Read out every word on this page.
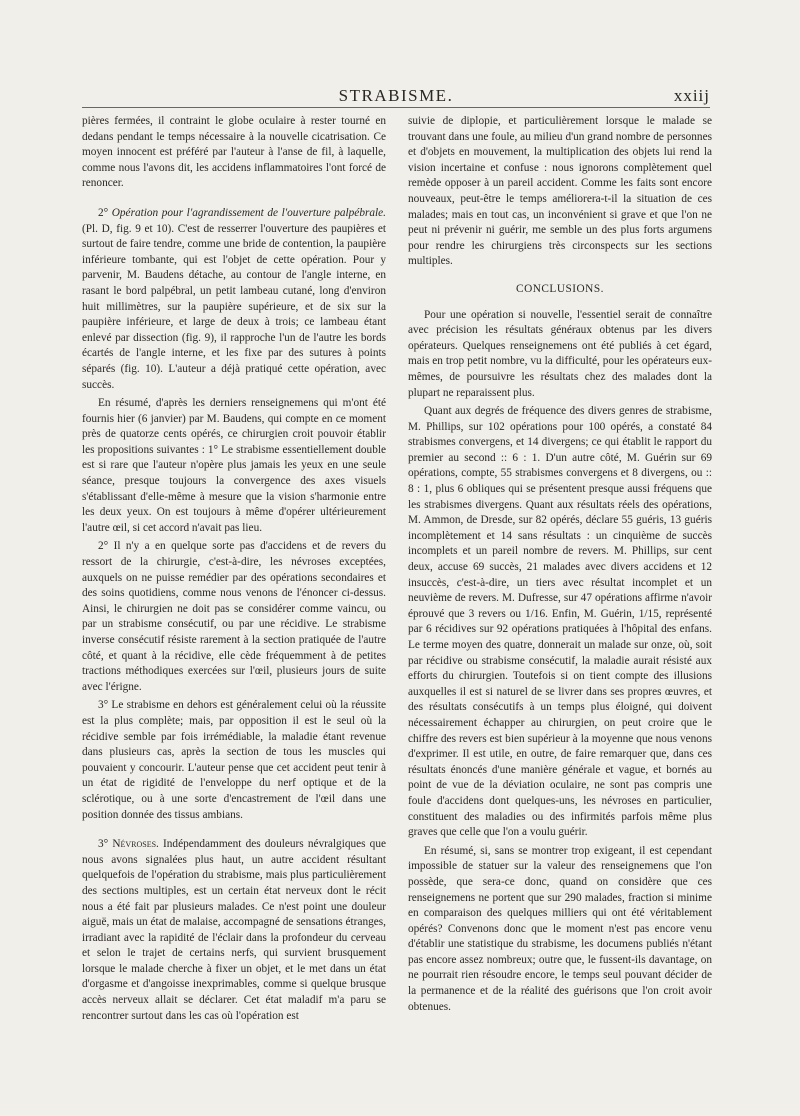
STRABISME.	xxiij

pières fermées, il contraint le globe oculaire à rester tourné en dedans pendant le temps nécessaire à la nouvelle cicatrisation. Ce moyen innocent est préféré par l'auteur à l'anse de fil, à laquelle, comme nous l'avons dit, les accidens inflammatoires l'ont forcé de renoncer.

2° Opération pour l'agrandissement de l'ouverture palpébrale. (Pl. D, fig. 9 et 10). C'est de resserrer l'ouverture des paupières et surtout de faire tendre, comme une bride de contention, la paupière inférieure tombante, qui est l'objet de cette opération. Pour y parvenir, M. Baudens détache, au contour de l'angle interne, en rasant le bord palpébral, un petit lambeau cutané, long d'environ huit millimètres, sur la paupière supérieure, et de six sur la paupière inférieure, et large de deux à trois; ce lambeau étant enlevé par dissection (fig. 9), il rapproche l'un de l'autre les bords écartés de l'angle interne, et les fixe par des sutures à points séparés (fig. 10). L'auteur a déjà pratiqué cette opération, avec succès.

En résumé, d'après les derniers renseignemens qui m'ont été fournis hier (6 janvier) par M. Baudens, qui compte en ce moment près de quatorze cents opérés, ce chirurgien croit pouvoir établir les propositions suivantes : 1° Le strabisme essentiellement double est si rare que l'auteur n'opère plus jamais les yeux en une seule séance, presque toujours la convergence des axes visuels s'établissant d'elle-même à mesure que la vision s'harmonie entre les deux yeux. On est toujours à même d'opérer ultérieurement l'autre œil, si cet accord n'avait pas lieu.

2° Il n'y a en quelque sorte pas d'accidens et de revers du ressort de la chirurgie, c'est-à-dire, les névroses exceptées, auxquels on ne puisse remédier par des opérations secondaires et des soins quotidiens, comme nous venons de l'énoncer ci-dessus. Ainsi, le chirurgien ne doit pas se considérer comme vaincu, ou par un strabisme consécutif, ou par une récidive. Le strabisme inverse consécutif résiste rarement à la section pratiquée de l'autre côté, et quant à la récidive, elle cède fréquemment à de petites tractions méthodiques exercées sur l'œil, plusieurs jours de suite avec l'érigne.

3° Le strabisme en dehors est généralement celui où la réussite est la plus complète; mais, par opposition il est le seul où la récidive semble par fois irrémédiable, la maladie étant revenue dans plusieurs cas, après la section de tous les muscles qui pouvaient y concourir. L'auteur pense que cet accident peut tenir à un état de rigidité de l'enveloppe du nerf optique et de la sclérotique, ou à une sorte d'encastrement de l'œil dans une position donnée des tissus ambians.

3° Névroses. Indépendamment des douleurs névralgiques que nous avons signalées plus haut, un autre accident résultant quelquefois de l'opération du strabisme, mais plus particulièrement des sections multiples, est un certain état nerveux dont le récit nous a été fait par plusieurs malades. Ce n'est point une douleur aiguë, mais un état de malaise, accompagné de sensations étranges, irradiant avec la rapidité de l'éclair dans la profondeur du cerveau et selon le trajet de certains nerfs, qui survient brusquement lorsque le malade cherche à fixer un objet, et le met dans un état d'orgasme et d'angoisse inexprimables, comme si quelque brusque accès nerveux allait se déclarer. Cet état maladif m'a paru se rencontrer surtout dans les cas où l'opération est

suivie de diplopie, et particulièrement lorsque le malade se trouvant dans une foule, au milieu d'un grand nombre de personnes et d'objets en mouvement, la multiplication des objets lui rend la vision incertaine et confuse : nous ignorons complètement quel remède opposer à un pareil accident. Comme les faits sont encore nouveaux, peut-être le temps améliorera-t-il la situation de ces malades; mais en tout cas, un inconvénient si grave et que l'on ne peut ni prévenir ni guérir, me semble un des plus forts argumens pour rendre les chirurgiens très circonspects sur les sections multiples.

CONCLUSIONS.

Pour une opération si nouvelle, l'essentiel serait de connaître avec précision les résultats généraux obtenus par les divers opérateurs. Quelques renseignemens ont été publiés à cet égard, mais en trop petit nombre, vu la difficulté, pour les opérateurs eux-mêmes, de poursuivre les résultats chez des malades dont la plupart ne reparaissent plus.

Quant aux degrés de fréquence des divers genres de strabisme, M. Phillips, sur 102 opérations pour 100 opérés, a constaté 84 strabismes convergens, et 14 divergens; ce qui établit le rapport du premier au second :: 6 : 1. D'un autre côté, M. Guérin sur 69 opérations, compte, 55 strabismes convergens et 8 divergens, ou :: 8 : 1, plus 6 obliques qui se présentent presque aussi fréquens que les strabismes divergens. Quant aux résultats réels des opérations, M. Ammon, de Dresde, sur 82 opérés, déclare 55 guéris, 13 guéris incomplètement et 14 sans résultats : un cinquième de succès incomplets et un pareil nombre de revers. M. Phillips, sur cent deux, accuse 69 succès, 21 malades avec divers accidens et 12 insuccès, c'est-à-dire, un tiers avec résultat incomplet et un neuvième de revers. M. Dufresse, sur 47 opérations affirme n'avoir éprouvé que 3 revers ou 1/16. Enfin, M. Guérin, 1/15, représenté par 6 récidives sur 92 opérations pratiquées à l'hôpital des enfans. Le terme moyen des quatre, donnerait un malade sur onze, où, soit par récidive ou strabisme consécutif, la maladie aurait résisté aux efforts du chirurgien. Toutefois si on tient compte des illusions auxquelles il est si naturel de se livrer dans ses propres œuvres, et des résultats consécutifs à un temps plus éloigné, qui doivent nécessairement échapper au chirurgien, on peut croire que le chiffre des revers est bien supérieur à la moyenne que nous venons d'exprimer. Il est utile, en outre, de faire remarquer que, dans ces résultats énoncés d'une manière générale et vague, et bornés au point de vue de la déviation oculaire, ne sont pas compris une foule d'accidens dont quelques-uns, les névroses en particulier, constituent des maladies ou des infirmités parfois même plus graves que celle que l'on a voulu guérir.

En résumé, si, sans se montrer trop exigeant, il est cependant impossible de statuer sur la valeur des renseignemens que l'on possède, que sera-ce donc, quand on considère que ces renseignemens ne portent que sur 290 malades, fraction si minime en comparaison des quelques milliers qui ont été véritablement opérés? Convenons donc que le moment n'est pas encore venu d'établir une statistique du strabisme, les documens publiés n'étant pas encore assez nombreux; outre que, le fussent-ils davantage, on ne pourrait rien résoudre encore, le temps seul pouvant décider de la permanence et de la réalité des guérisons que l'on croit avoir obtenues.
